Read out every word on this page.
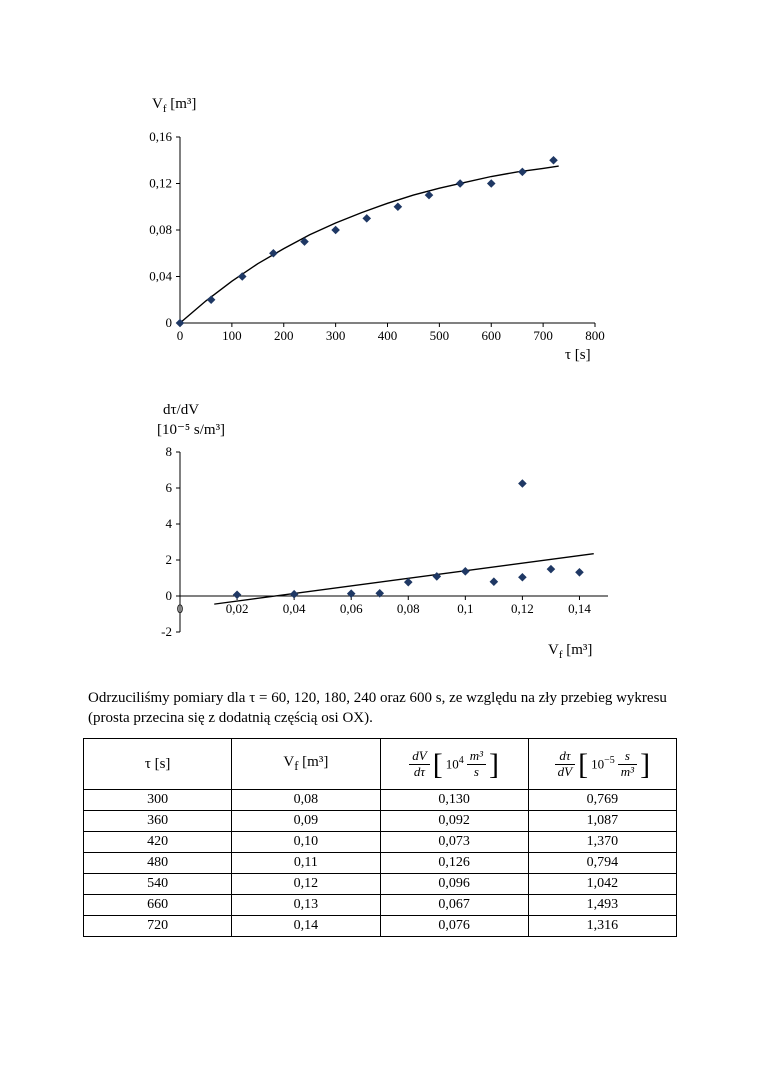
$V_f$ [m³]
0
0,04
0,08
0,12
0,16
0	100 200 300 400 500 600 700 800
τ [s]
dτ/dV
[10⁻⁵ s/m³]
-2
0
2
4
6
8
0	0,02	0,04	0,06	0,08	0,1	0,12	0,14
$V_f$ [m³]
Odrzuciliśmy pomiary dla τ = 60, 120, 180, 240 oraz 600 s, ze względu na zły przebieg wykresu (prosta przecina się z dodatnią częścią osi OX).
τ [s]	$V_f$ [m³]	$\frac{dV}{d\tau}$ [ $10^4 \frac{\text{m³}}{s}$ ]	$\frac{d\tau}{dV}$ [ $10^{-5} \frac{s}{\text{m³}}$ ]

300	0,08	0,130	0,769
360	0,09	0,092	1,087
420	0,10	0,073	1,370
480	0,11	0,126	0,794
540	0,12	0,096	1,042
660	0,13	0,067	1,493
720	0,14	0,076	1,316
